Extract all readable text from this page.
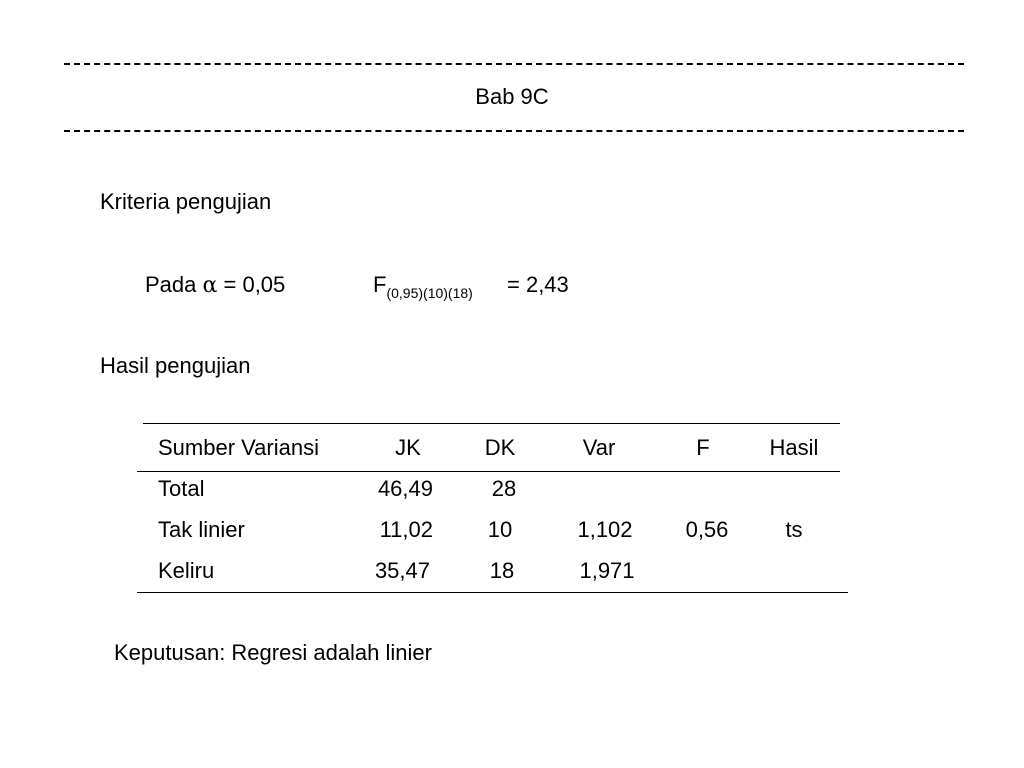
Bab 9C
Kriteria pengujian
Pada α = 0,05	$F_{(0,95)(10)(18)} = 2,43$
Hasil pengujian
Sumber Variansi	JK	DK	Var	F	Hasil
Total	46,49	28
Tak linier	11,02	10	1,102	0,56	ts
Keliru	35,47	18	1,971
Keputusan: Regresi adalah linier
